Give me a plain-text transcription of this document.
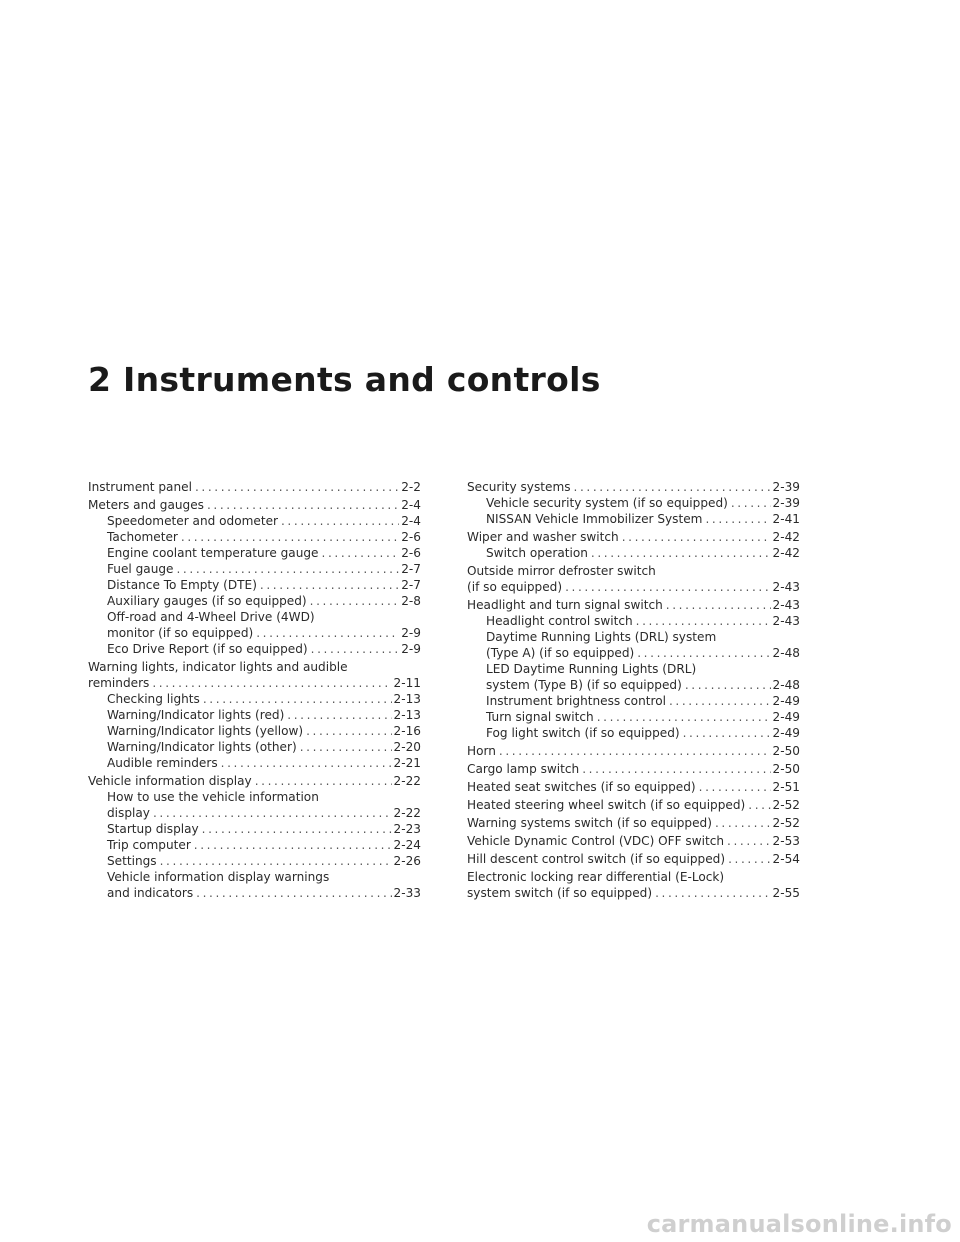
2 Instruments and controls
Instrument panel .....	2-2
Meters and gauges .....	2-4
Speedometer and odometer .....	2-4
Tachometer .....	2-6
Engine coolant temperature gauge .....	2-6
Fuel gauge .....	2-7
Distance To Empty (DTE) .....	2-7
Auxiliary gauges (if so equipped) .....	2-8
Off-road and 4-Wheel Drive (4WD)
monitor (if so equipped) .....	2-9
Eco Drive Report (if so equipped) .....	2-9
Warning lights, indicator lights and audible
reminders .....	2-11
Checking lights .....	2-13
Warning/Indicator lights (red) .....	2-13
Warning/Indicator lights (yellow) .....	2-16
Warning/Indicator lights (other) .....	2-20
Audible reminders .....	2-21
Vehicle information display .....	2-22
How to use the vehicle information
display .....	2-22
Startup display .....	2-23
Trip computer .....	2-24
Settings .....	2-26
Vehicle information display warnings
and indicators .....	2-33
Security systems .....	2-39
Vehicle security system (if so equipped) .....	2-39
NISSAN Vehicle Immobilizer System .....	2-41
Wiper and washer switch .....	2-42
Switch operation .....	2-42
Outside mirror defroster switch
(if so equipped) .....	2-43
Headlight and turn signal switch .....	2-43
Headlight control switch .....	2-43
Daytime Running Lights (DRL) system
(Type A) (if so equipped) .....	2-48
LED Daytime Running Lights (DRL)
system (Type B) (if so equipped) .....	2-48
Instrument brightness control .....	2-49
Turn signal switch .....	2-49
Fog light switch (if so equipped) .....	2-49
Horn .....	2-50
Cargo lamp switch .....	2-50
Heated seat switches (if so equipped) .....	2-51
Heated steering wheel switch (if so equipped) ..... 2-52
Warning systems switch (if so equipped) .....	2-52
Vehicle Dynamic Control (VDC) OFF switch .....	2-53
Hill descent control switch (if so equipped) .....	2-54
Electronic locking rear differential (E-Lock)
system switch (if so equipped) .....	2-55
carmanualsonline.info
